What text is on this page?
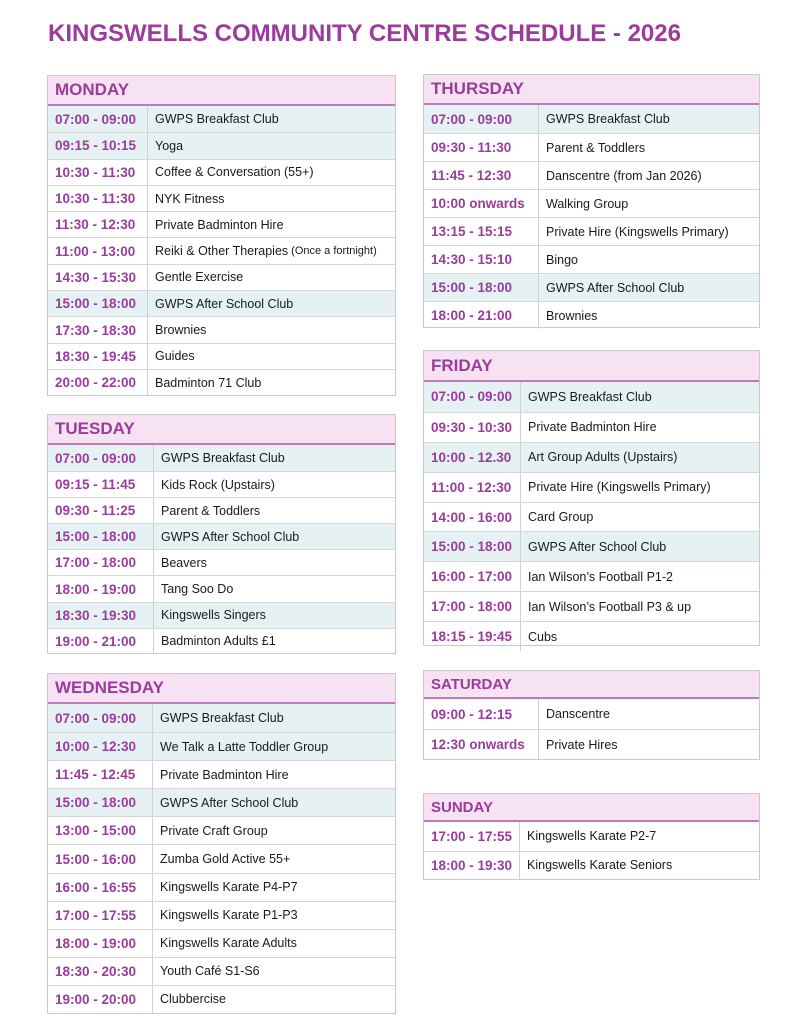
KINGSWELLS COMMUNITY CENTRE SCHEDULE - 2026
MONDAY
07:00 - 09:00	GWPS Breakfast Club
09:15 - 10:15	Yoga
10:30 - 11:30	Coffee & Conversation (55+)
10:30 - 11:30	NYK Fitness
11:30 - 12:30	Private Badminton Hire
11:00 - 13:00	Reiki & Other Therapies (Once a fortnight)
14:30 - 15:30	Gentle Exercise
15:00 - 18:00	GWPS After School Club
17:30 - 18:30	Brownies
18:30 - 19:45	Guides
20:00 - 22:00	Badminton 71 Club
TUESDAY
07:00 - 09:00	GWPS Breakfast Club
09:15 - 11:45	Kids Rock (Upstairs)
09:30 - 11:25	Parent & Toddlers
15:00 - 18:00	GWPS After School Club
17:00 - 18:00	Beavers
18:00 - 19:00	Tang Soo Do
18:30 - 19:30	Kingswells Singers
19:00 - 21:00	Badminton Adults £1
WEDNESDAY
07:00 - 09:00	GWPS Breakfast Club
10:00 - 12:30	We Talk a Latte Toddler Group
11:45 - 12:45	Private Badminton Hire
15:00 - 18:00	GWPS After School Club
13:00 - 15:00	Private Craft Group
15:00 - 16:00	Zumba Gold Active 55+
16:00 - 16:55	Kingswells Karate P4-P7
17:00 - 17:55	Kingswells Karate P1-P3
18:00 - 19:00	Kingswells Karate Adults
18:30 - 20:30	Youth Café S1-S6
19:00 - 20:00	Clubbercise
THURSDAY
07:00 - 09:00	GWPS Breakfast Club
09:30 - 11:30	Parent & Toddlers
11:45 - 12:30	Danscentre (from Jan 2026)
10:00 onwards	Walking Group
13:15 - 15:15	Private Hire (Kingswells Primary)
14:30 - 15:10	Bingo
15:00 - 18:00	GWPS After School Club
18:00 - 21:00	Brownies
FRIDAY
07:00 - 09:00	GWPS Breakfast Club
09:30 - 10:30	Private Badminton Hire
10:00 - 12.30	Art Group Adults (Upstairs)
11:00 - 12:30	Private Hire (Kingswells Primary)
14:00 - 16:00	Card Group
15:00 - 18:00	GWPS After School Club
16:00 - 17:00	Ian Wilson’s Football P1-2
17:00 - 18:00	Ian Wilson’s Football P3 & up
18:15 - 19:45	Cubs
SATURDAY
09:00 - 12:15	Danscentre
12:30 onwards	Private Hires
SUNDAY
17:00 - 17:55	Kingswells Karate P2-7
18:00 - 19:30	Kingswells Karate Seniors
